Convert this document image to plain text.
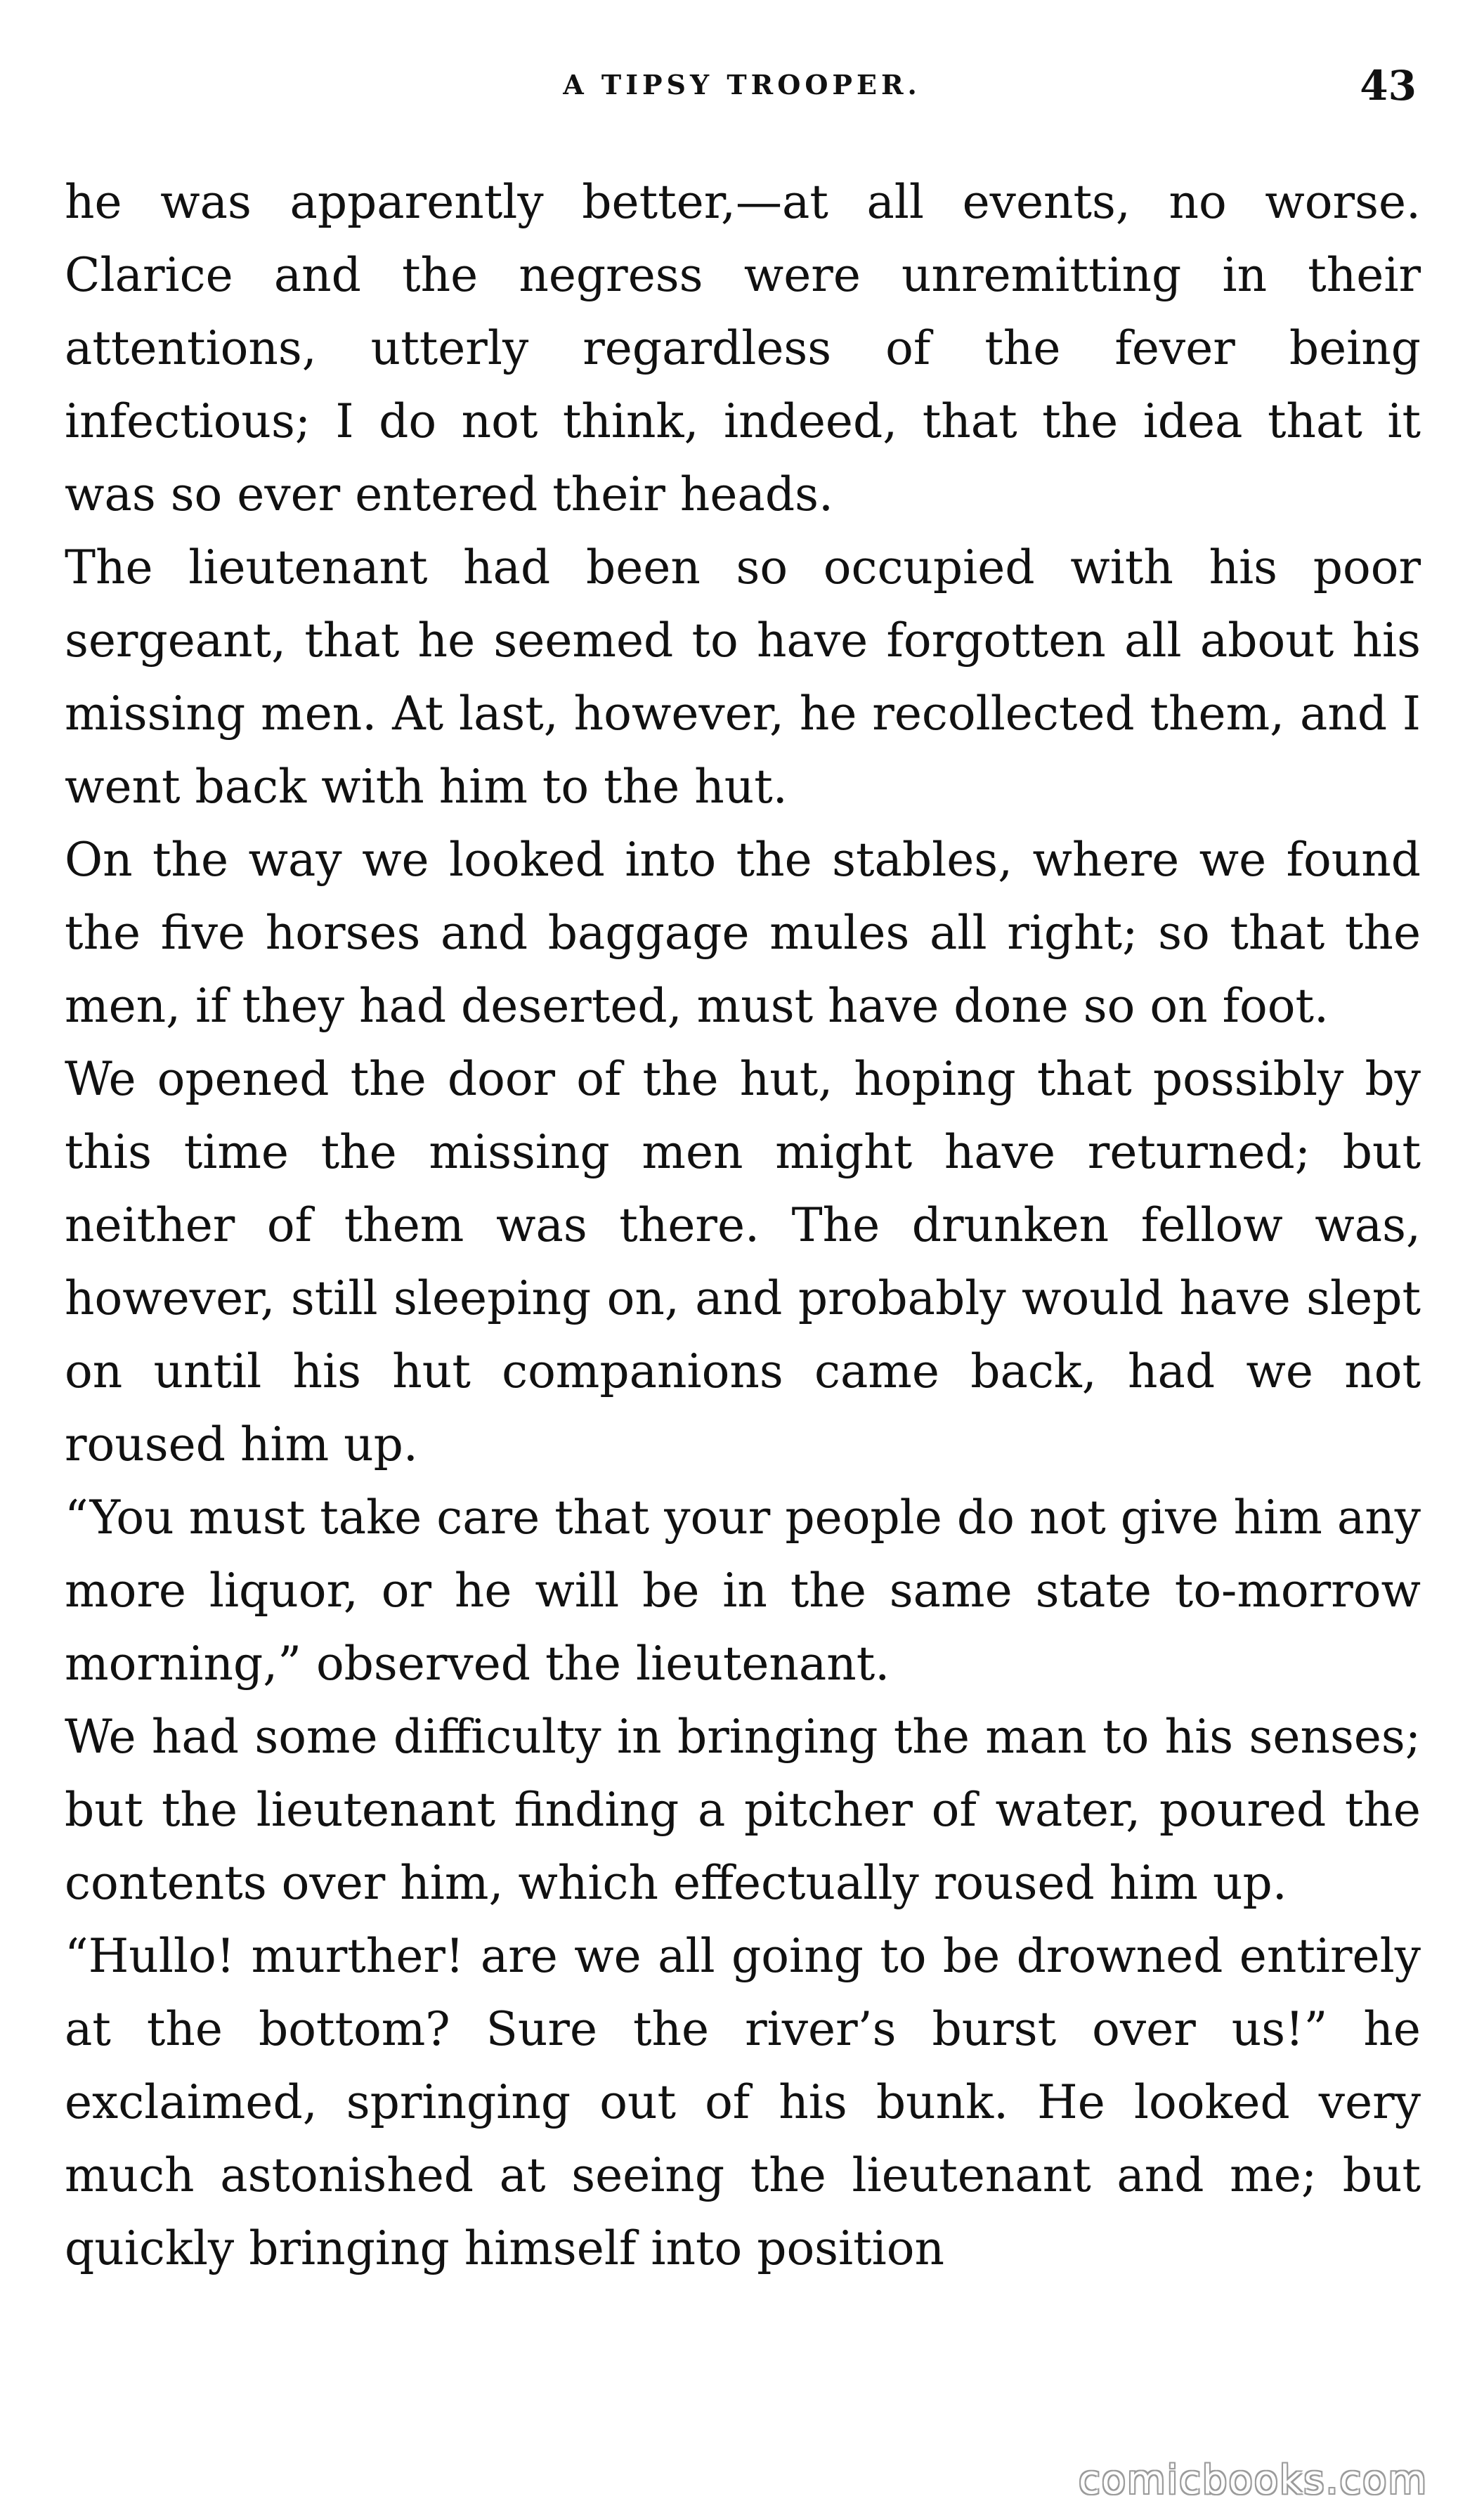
A TIPSY TROOPER.	43

he was apparently better,—at all events, no worse. Clarice and the negress were unremitting in their attentions, utterly regardless of the fever being infectious; I do not think, indeed, that the idea that it was so ever entered their heads.

The lieutenant had been so occupied with his poor sergeant, that he seemed to have forgotten all about his missing men. At last, however, he recollected them, and I went back with him to the hut.

On the way we looked into the stables, where we found the five horses and baggage mules all right; so that the men, if they had deserted, must have done so on foot.

We opened the door of the hut, hoping that possibly by this time the missing men might have returned; but neither of them was there. The drunken fellow was, however, still sleeping on, and probably would have slept on until his hut companions came back, had we not roused him up.

“You must take care that your people do not give him any more liquor, or he will be in the same state to-morrow morning,” observed the lieutenant.

We had some difficulty in bringing the man to his senses; but the lieutenant finding a pitcher of water, poured the contents over him, which effectually roused him up.

“Hullo! murther! are we all going to be drowned entirely at the bottom? Sure the river’s burst over us!” he exclaimed, springing out of his bunk. He looked very much astonished at seeing the lieutenant and me; but quickly bringing himself into position

comicbooks.com
